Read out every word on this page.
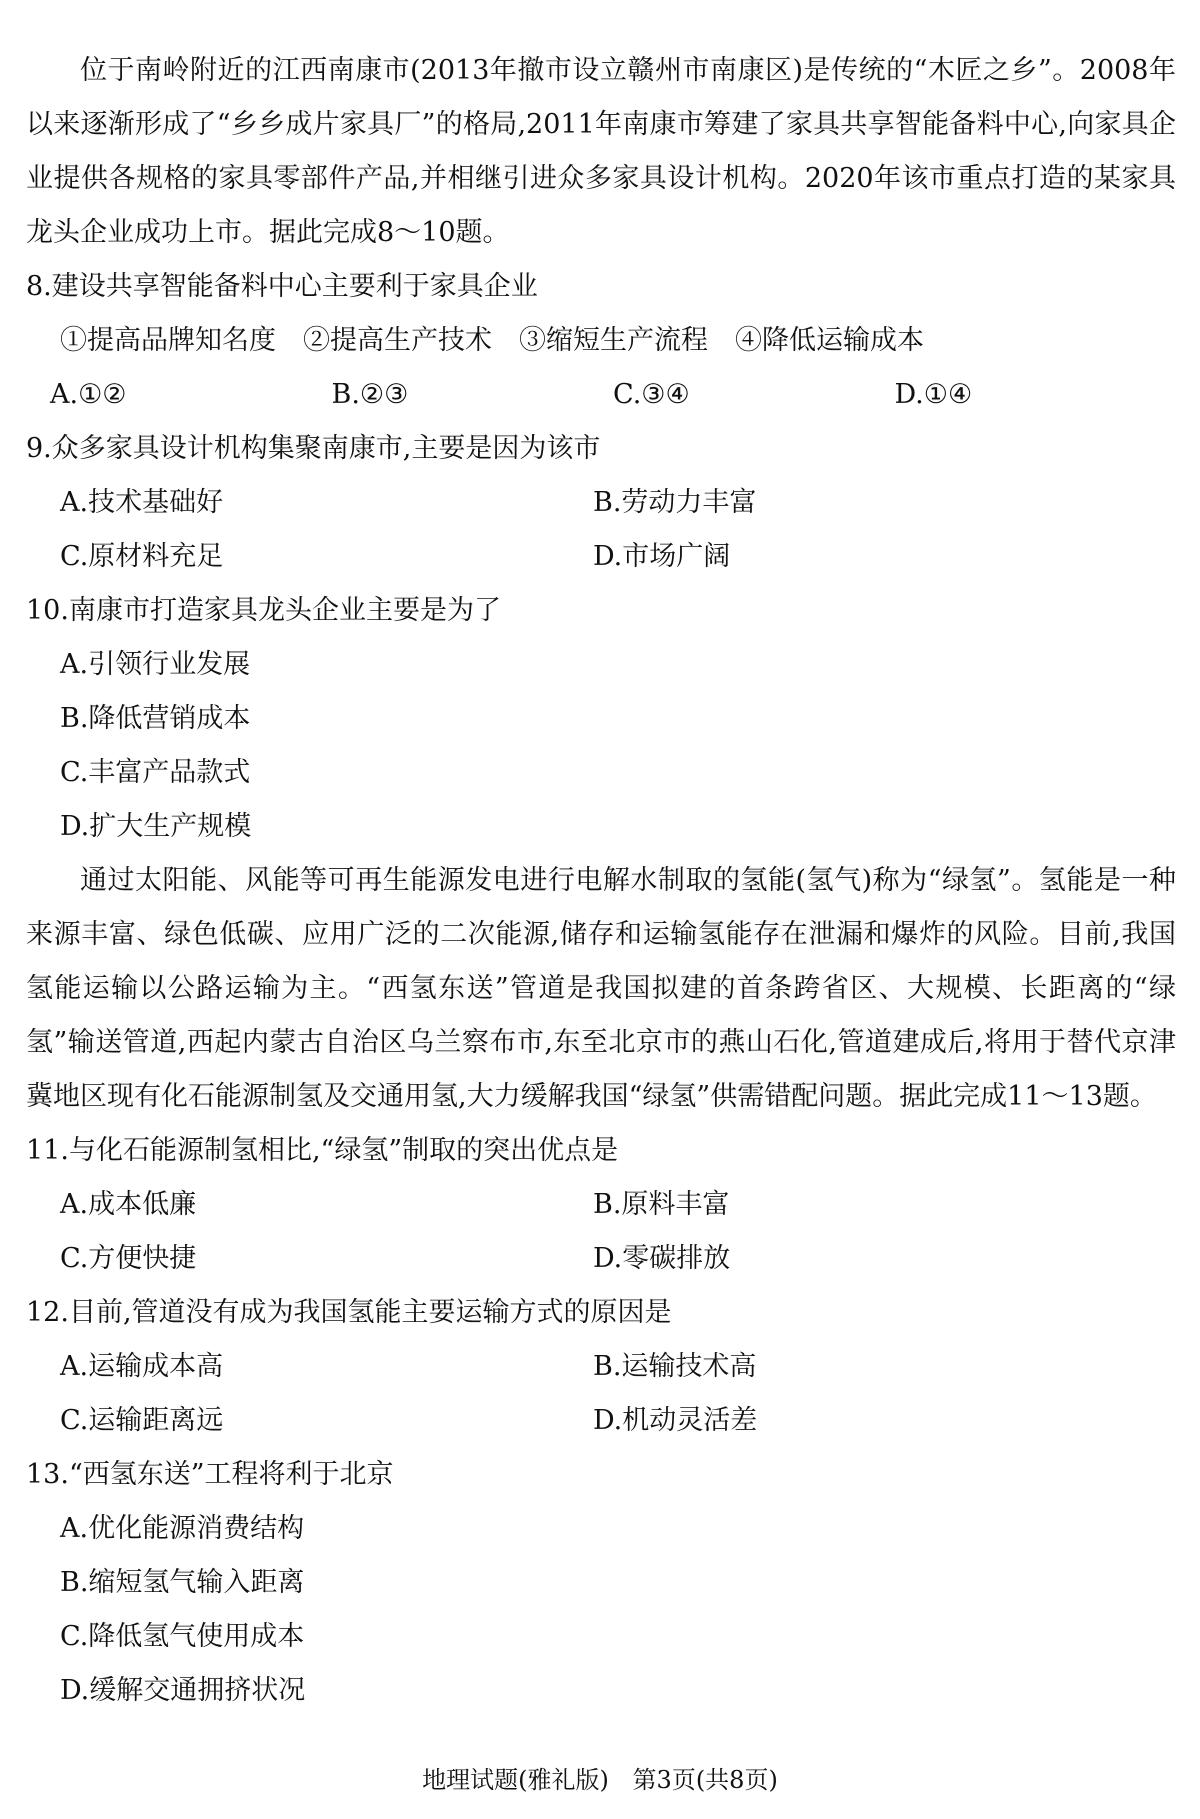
位于南岭附近的江西南康市(2013年撤市设立赣州市南康区)是传统的“木匠之乡”。2008年以来逐渐形成了“乡乡成片家具厂”的格局,2011年南康市筹建了家具共享智能备料中心,向家具企业提供各规格的家具零部件产品,并相继引进众多家具设计机构。2020年该市重点打造的某家具龙头企业成功上市。据此完成8～10题。

8.建设共享智能备料中心主要利于家具企业

①提高品牌知名度　②提高生产技术　③缩短生产流程　④降低运输成本

A.①②	B.②③	C.③④	D.①④

9.众多家具设计机构集聚南康市,主要是因为该市

A.技术基础好	B.劳动力丰富
C.原材料充足	D.市场广阔

10.南康市打造家具龙头企业主要是为了

A.引领行业发展
B.降低营销成本
C.丰富产品款式
D.扩大生产规模

通过太阳能、风能等可再生能源发电进行电解水制取的氢能(氢气)称为“绿氢”。氢能是一种来源丰富、绿色低碳、应用广泛的二次能源,储存和运输氢能存在泄漏和爆炸的风险。目前,我国氢能运输以公路运输为主。“西氢东送”管道是我国拟建的首条跨省区、大规模、长距离的“绿氢”输送管道,西起内蒙古自治区乌兰察布市,东至北京市的燕山石化,管道建成后,将用于替代京津冀地区现有化石能源制氢及交通用氢,大力缓解我国“绿氢”供需错配问题。据此完成11～13题。

11.与化石能源制氢相比,“绿氢”制取的突出优点是

A.成本低廉	B.原料丰富
C.方便快捷	D.零碳排放

12.目前,管道没有成为我国氢能主要运输方式的原因是

A.运输成本高	B.运输技术高
C.运输距离远	D.机动灵活差

13.“西氢东送”工程将利于北京

A.优化能源消费结构
B.缩短氢气输入距离
C.降低氢气使用成本
D.缓解交通拥挤状况
地理试题(雅礼版) 第3页(共8页)
